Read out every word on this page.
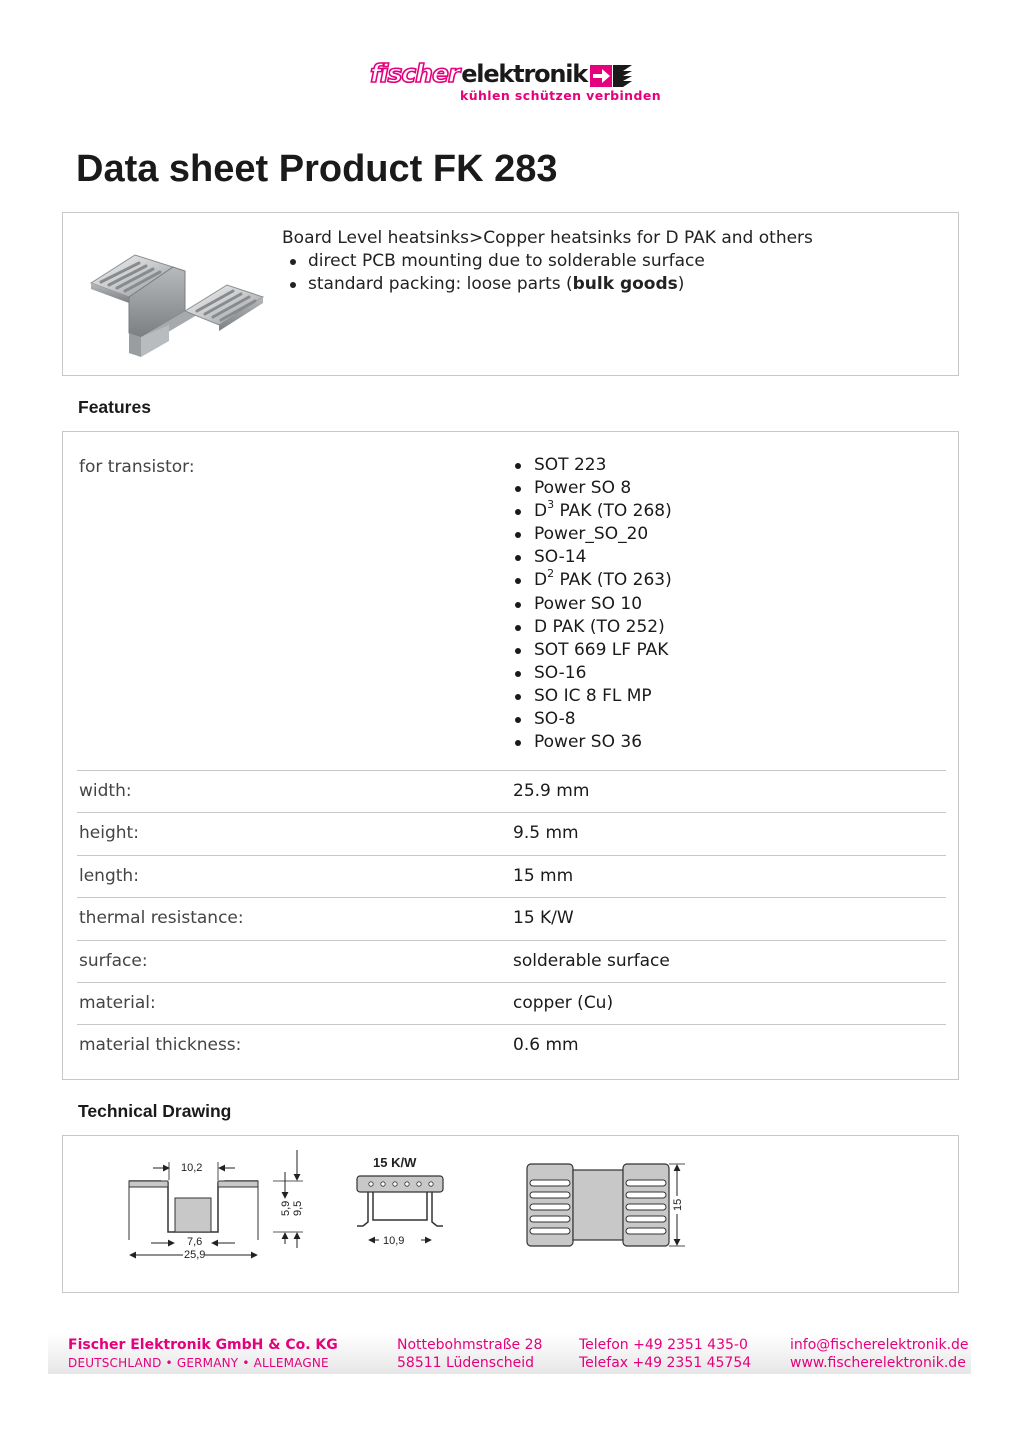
fischer elektronik
kühlen schützen verbinden
Data sheet Product FK 283
Board Level heatsinks>Copper heatsinks for D PAK and others
direct PCB mounting due to solderable surface
standard packing: loose parts (bulk goods)
Features
for transistor:	SOT 223
Power SO 8
$D^3$ PAK (TO 268)
Power_SO_20
SO-14
$D^2$ PAK (TO 263)
Power SO 10
D PAK (TO 252)
SOT 669 LF PAK
SO-16
SO IC 8 FL MP
SO-8
Power SO 36
width:	25.9 mm
height:	9.5 mm
length:	15 mm
thermal resistance:	15 K/W
surface:	solderable surface
material:	copper (Cu)
material thickness:	0.6 mm
Technical Drawing
10,2
7,6
25,9
5,9 9,5
15 K/W
10,9
15
Fischer Elektronik GmbH & Co. KG
DEUTSCHLAND • GERMANY • ALLEMAGNE
Nottebohmstraße 28
58511 Lüdenscheid
Telefon +49 2351 435-0
Telefax +49 2351 45754
info@fischerelektronik.de
www.fischerelektronik.de
